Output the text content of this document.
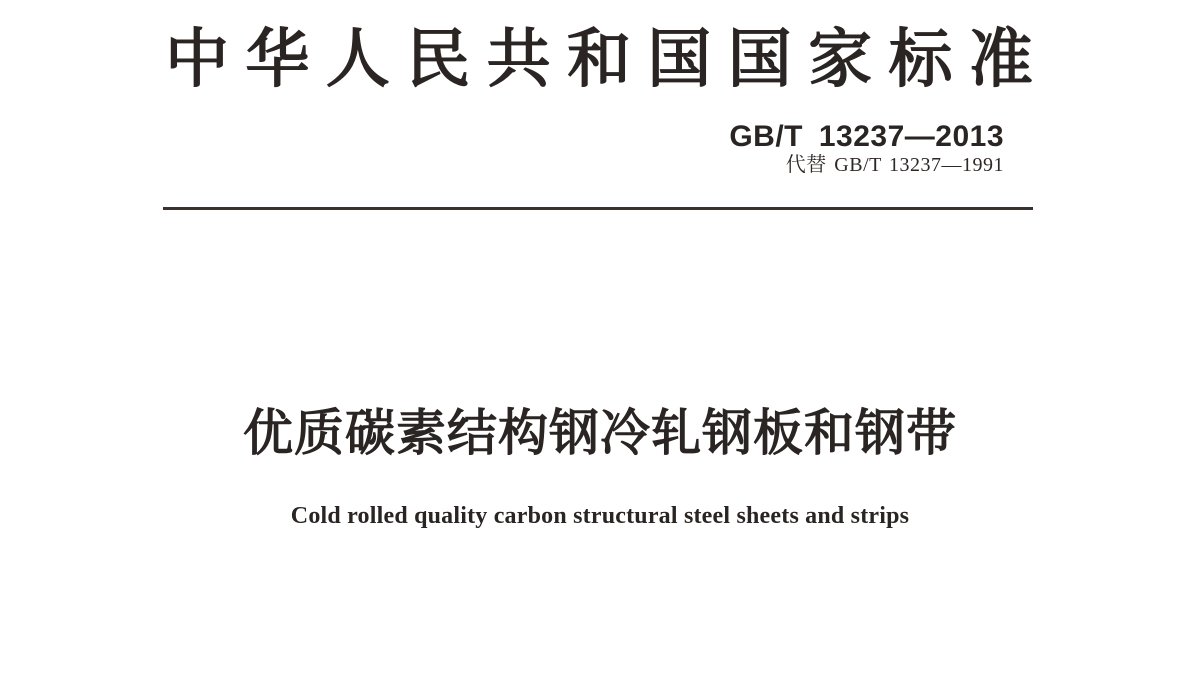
中 华 人 民 共 和 国 国 家 标 准
GB/T 13237—2013
代替 GB/T 13237—1991
优质碳素结构钢冷轧钢板和钢带
Cold rolled quality carbon structural steel sheets and strips
